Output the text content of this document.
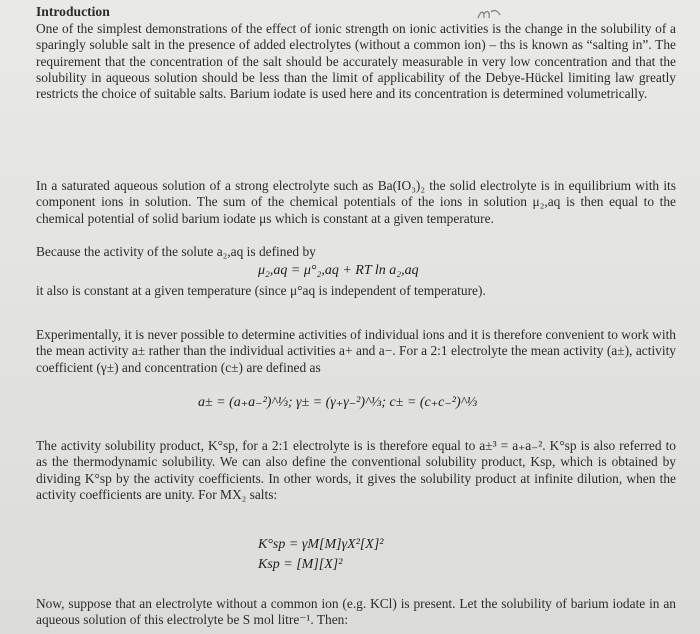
Introduction
One of the simplest demonstrations of the effect of ionic strength on ionic activities is the change in the solubility of a sparingly soluble salt in the presence of added electrolytes (without a common ion) – ths is known as “salting in”. The requirement that the concentration of the salt should be accurately measurable in very low concentration and that the solubility in aqueous solution should be less than the limit of applicability of the Debye-Hückel limiting law greatly restricts the choice of suitable salts. Barium iodate is used here and its concentration is determined volumetrically.
In a saturated aqueous solution of a strong electrolyte such as Ba(IO₃)₂ the solid electrolyte is in equilibrium with its component ions in solution. The sum of the chemical potentials of the ions in solution μ₂,aq is then equal to the chemical potential of solid barium iodate μs which is constant at a given temperature.
Because the activity of the solute a₂,aq is defined by
μ₂,aq = μ°₂,aq + RT ln a₂,aq
it also is constant at a given temperature (since μ°aq is independent of temperature).
Experimentally, it is never possible to determine activities of individual ions and it is therefore convenient to work with the mean activity a± rather than the individual activities a+ and a−. For a 2:1 electrolyte the mean activity (a±), activity coefficient (γ±) and concentration (c±) are defined as
a± = (a₊a₋²)^⅓; γ± = (γ₊γ₋²)^⅓; c± = (c₊c₋²)^⅓
The activity solubility product, K°sp, for a 2:1 electrolyte is is therefore equal to a±³ = a₊a₋². K°sp is also referred to as the thermodynamic solubility. We can also define the conventional solubility product, Ksp, which is obtained by dividing K°sp by the activity coefficients. In other words, it gives the solubility product at infinite dilution, when the activity coefficients are unity. For MX₂ salts:
K°sp = γM[M]γX²[X]²
Ksp = [M][X]²
Now, suppose that an electrolyte without a common ion (e.g. KCl) is present. Let the solubility of barium iodate in an aqueous solution of this electrolyte be S mol litre⁻¹. Then:
